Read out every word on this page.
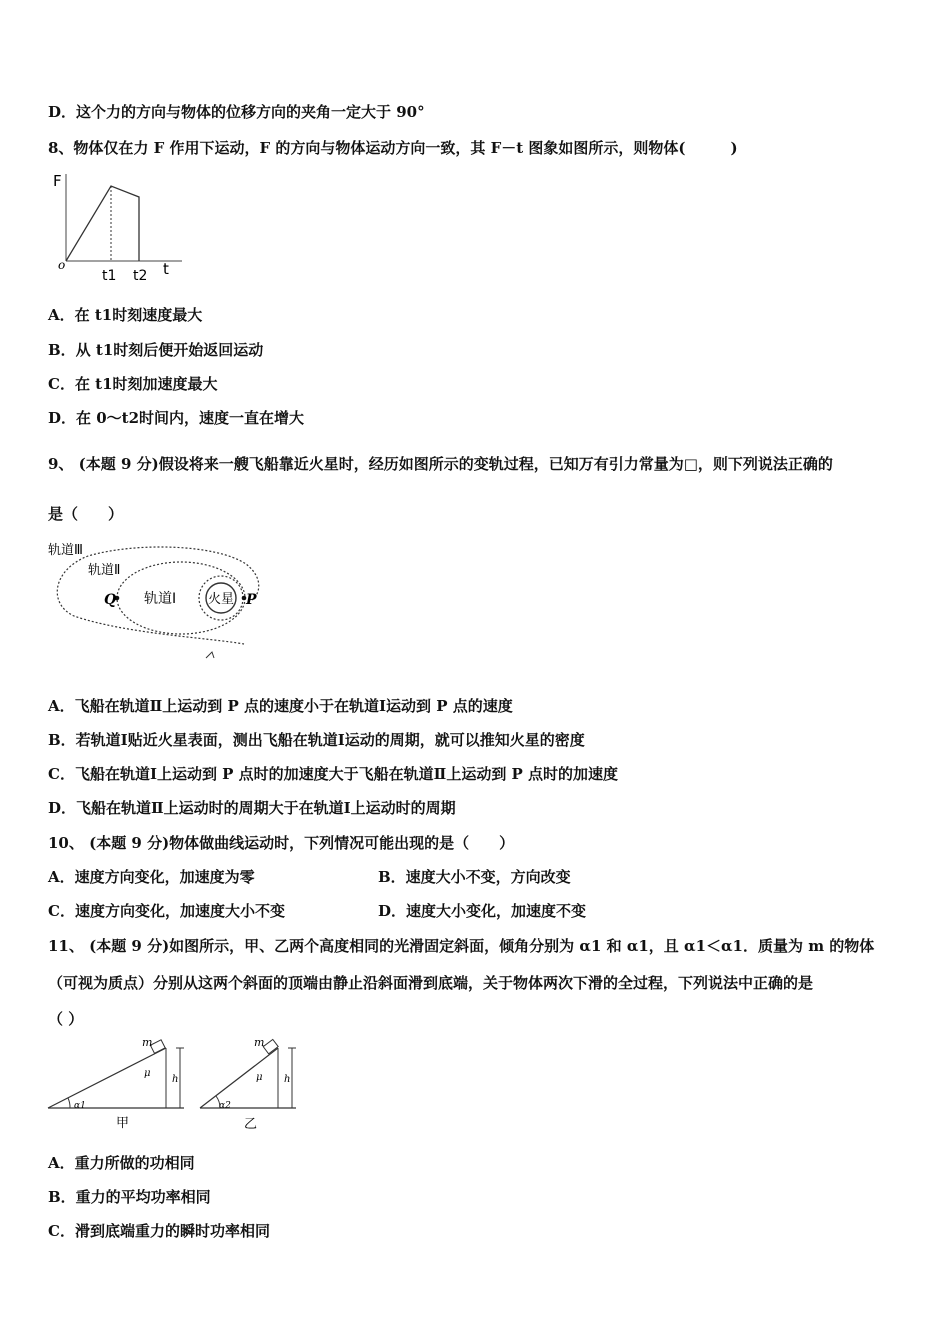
D．这个力的方向与物体的位移方向的夹角一定大于 90°
8、物体仅在力 F 作用下运动，F 的方向与物体运动方向一致，其 F－t 图象如图所示，则物体(　　　)
F
t
o
t1 t2
A．在 t1时刻速度最大
B．从 t1时刻后便开始返回运动
C．在 t1时刻加速度最大
D．在 0～t2时间内，速度一直在增大
9、 (本题 9 分)假设将来一艘飞船靠近火星时，经历如图所示的变轨过程，已知万有引力常量为□，则下列说法正确的
是（　　）
轨道Ⅲ
轨道Ⅱ
轨道Ⅰ 火星
Q	P
A．飞船在轨道Ⅱ上运动到 P 点的速度小于在轨道Ⅰ运动到 P 点的速度
B．若轨道Ⅰ贴近火星表面，测出飞船在轨道Ⅰ运动的周期，就可以推知火星的密度
C．飞船在轨道Ⅰ上运动到 P 点时的加速度大于飞船在轨道Ⅱ上运动到 P 点时的加速度
D．飞船在轨道Ⅱ上运动时的周期大于在轨道Ⅰ上运动时的周期
10、 (本题 9 分)物体做曲线运动时，下列情况可能出现的是（　　）
A．速度方向变化，加速度为零	B．速度大小不变，方向改变
C．速度方向变化，加速度大小不变	D．速度大小变化，加速度不变
11、 (本题 9 分)如图所示，甲、乙两个高度相同的光滑固定斜面，倾角分别为 α1 和 α1，且 α1＜α1．质量为 m 的物体
（可视为质点）分别从这两个斜面的顶端由静止沿斜面滑到底端，关于物体两次下滑的全过程，下列说法中正确的是
（ ）
m
μ
h
α1
甲
m
μ h
α2
乙
A．重力所做的功相同
B．重力的平均功率相同
C．滑到底端重力的瞬时功率相同
